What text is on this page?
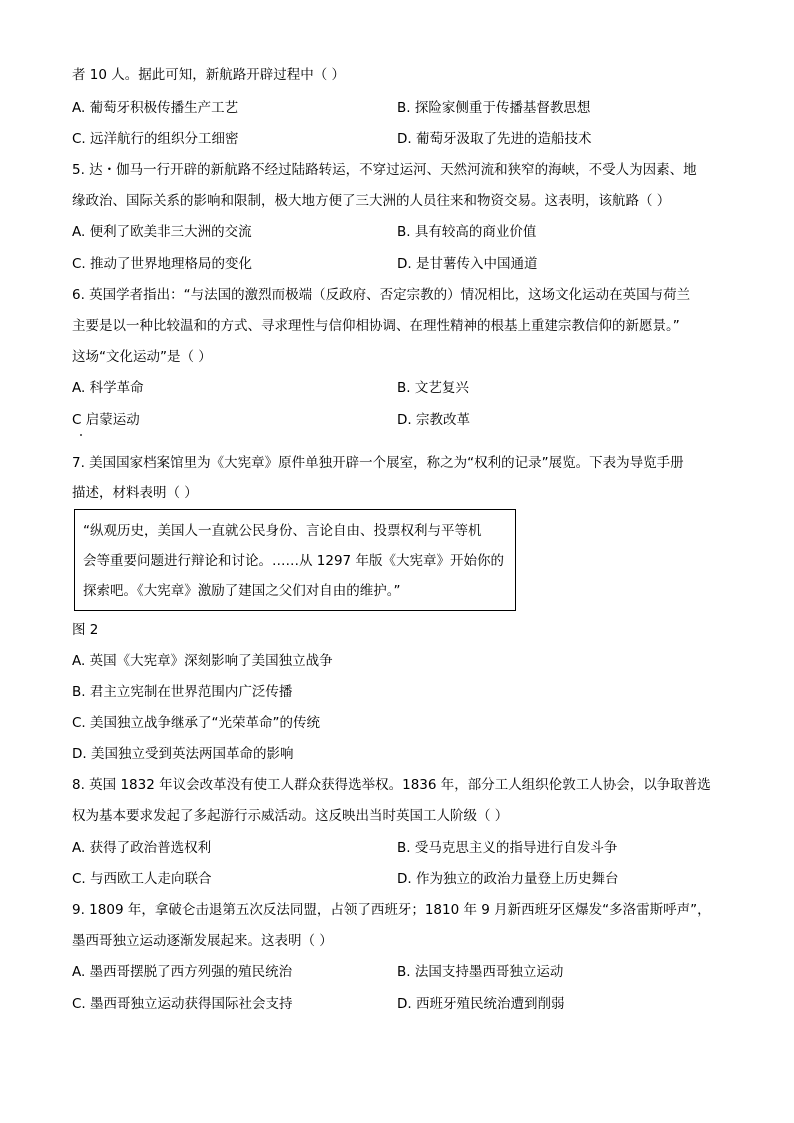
者 10 人。据此可知，新航路开辟过程中（ ）
A. 葡萄牙积极传播生产工艺	B. 探险家侧重于传播基督教思想
C. 远洋航行的组织分工细密	D. 葡萄牙汲取了先进的造船技术
5. 达・伽马一行开辟的新航路不经过陆路转运，不穿过运河、天然河流和狭窄的海峡，不受人为因素、地
缘政治、国际关系的影响和限制，极大地方便了三大洲的人员往来和物资交易。这表明，该航路（ ）
A. 便利了欧美非三大洲的交流	B. 具有较高的商业价值
C. 推动了世界地理格局的变化	D. 是甘薯传入中国通道
6. 英国学者指出：“与法国的激烈而极端（反政府、否定宗教的）情况相比，这场文化运动在英国与荷兰
主要是以一种比较温和的方式、寻求理性与信仰相协调、在理性精神的根基上重建宗教信仰的新愿景。”
这场“文化运动”是（ ）
A. 科学革命	B. 文艺复兴
C 启蒙运动	D. 宗教改革
7. 美国国家档案馆里为《大宪章》原件单独开辟一个展室，称之为“权利的记录”展览。下表为导览手册
描述，材料表明（ ）
“纵观历史，美国人一直就公民身份、言论自由、投票权利与平等机
会等重要问题进行辩论和讨论。……从 1297 年版《大宪章》开始你的
探索吧。《大宪章》激励了建国之父们对自由的维护。”
图 2
A. 英国《大宪章》深刻影响了美国独立战争
B. 君主立宪制在世界范围内广泛传播
C. 美国独立战争继承了“光荣革命”的传统
D. 美国独立受到英法两国革命的影响
8. 英国 1832 年议会改革没有使工人群众获得选举权。1836 年，部分工人组织伦敦工人协会，以争取普选
权为基本要求发起了多起游行示威活动。这反映出当时英国工人阶级（ ）
A. 获得了政治普选权利	B. 受马克思主义的指导进行自发斗争
C. 与西欧工人走向联合	D. 作为独立的政治力量登上历史舞台
9. 1809 年，拿破仑击退第五次反法同盟，占领了西班牙；1810 年 9 月新西班牙区爆发“多洛雷斯呼声”，
墨西哥独立运动逐渐发展起来。这表明（ ）
A. 墨西哥摆脱了西方列强的殖民统治	B. 法国支持墨西哥独立运动
C. 墨西哥独立运动获得国际社会支持	D. 西班牙殖民统治遭到削弱
